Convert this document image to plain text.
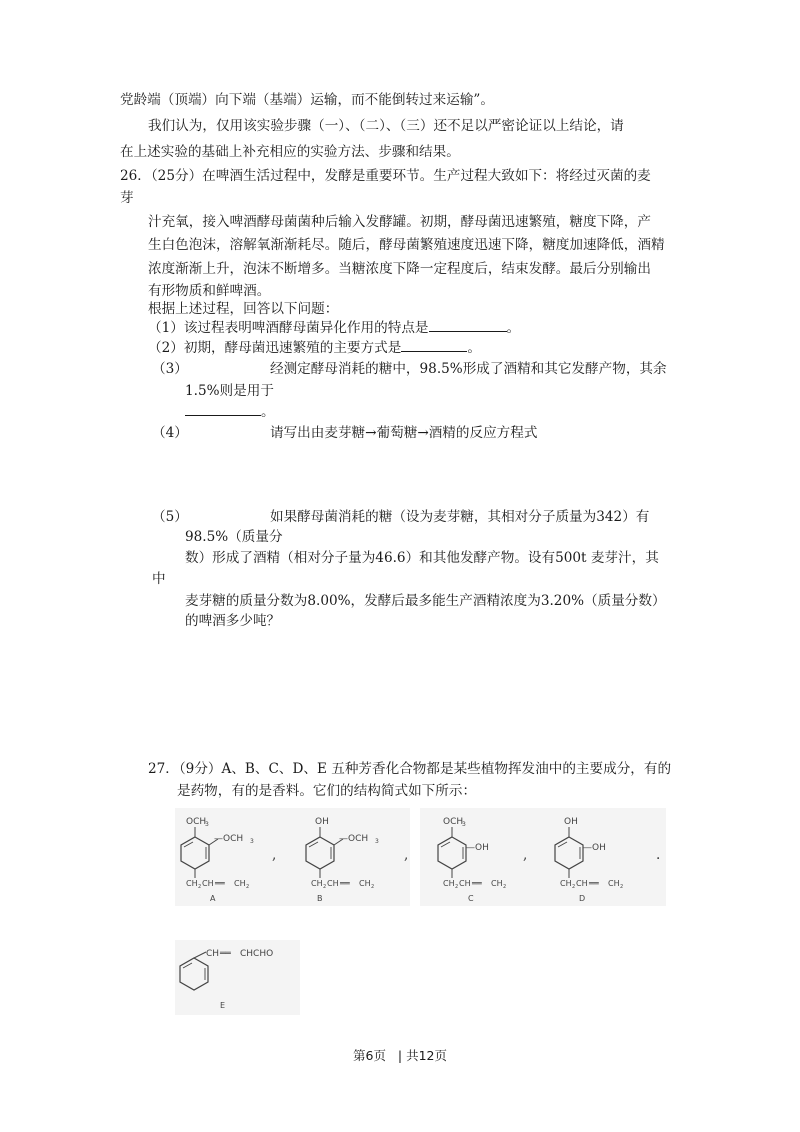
党龄端（顶端）向下端（基端）运输，而不能倒转过来运输”。
我们认为，仅用该实验步骤（一）、（二）、（三）还不足以严密论证以上结论，请
在上述实验的基础上补充相应的实验方法、步骤和结果。
26．（25分）在啤酒生活过程中，发酵是重要环节。生产过程大致如下：将经过灭菌的麦
芽
汁充氧，接入啤酒酵母菌菌种后输入发酵罐。初期，酵母菌迅速繁殖，糖度下降，产
生白色泡沫，溶解氧渐渐耗尽。随后，酵母菌繁殖速度迅速下降，糖度加速降低，酒精
浓度渐渐上升，泡沫不断增多。当糖浓度下降一定程度后，结束发酵。最后分别输出
有形物质和鲜啤酒。
根据上述过程，回答以下问题：
（1）该过程表明啤酒酵母菌异化作用的特点是	。
（2）初期，酵母菌迅速繁殖的主要方式是	。
（3）	经测定酵母消耗的糖中，98.5%形成了酒精和其它发酵产物，其余
1.5%则是用于
。
（4）	请写出由麦芽糖→葡萄糖→酒精的反应方程式
（5）	如果酵母菌消耗的糖（设为麦芽糖，其相对分子质量为342）有
98.5%（质量分
数）形成了酒精（相对分子量为46.6）和其他发酵产物。设有500t 麦芽汁，其
中
麦芽糖的质量分数为8.00%，发酵后最多能生产酒精浓度为3.20%（质量分数）
的啤酒多少吨？
27．（9分）A、B、C、D、E 五种芳香化合物都是某些植物挥发油中的主要成分，有的
是药物，有的是香料。它们的结构简式如下所示：
OCH
3
—OCH 3
CH 2 CH ══ CH 2
A
,
OH
—OCH 3
CH 2 CH ══ CH 2
B
,
OCH
3
—OH
CH 2 CH ══ CH 2
C
,
OH
—OH
CH 2 CH ══ CH 2
D
.
CH ══ CHCHO
E
第6页 | 共12页
